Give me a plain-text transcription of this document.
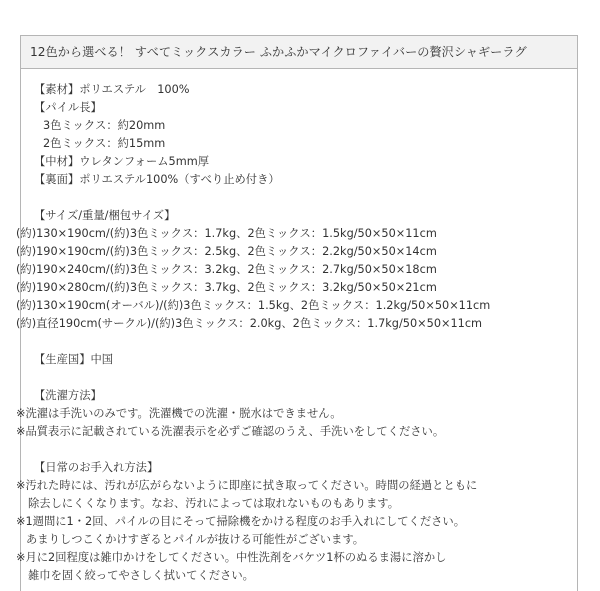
12色から選べる！ すべてミックスカラー ふかふかマイクロファイバーの贅沢シャギーラグ
【素材】ポリエステル　100%
【パイル長】
3色ミックス：約20mm
2色ミックス：約15mm
【中材】ウレタンフォーム5mm厚
【裏面】ポリエステル100%（すべり止め付き）
【サイズ/重量/梱包サイズ】
(約)130×190cm/(約)3色ミックス：1.7kg、2色ミックス：1.5kg/50×50×11cm
(約)190×190cm/(約)3色ミックス：2.5kg、2色ミックス：2.2kg/50×50×14cm
(約)190×240cm/(約)3色ミックス：3.2kg、2色ミックス：2.7kg/50×50×18cm
(約)190×280cm/(約)3色ミックス：3.7kg、2色ミックス：3.2kg/50×50×21cm
(約)130×190cm(オーバル)/(約)3色ミックス：1.5kg、2色ミックス：1.2kg/50×50×11cm
(約)直径190cm(サークル)/(約)3色ミックス：2.0kg、2色ミックス：1.7kg/50×50×11cm
【生産国】中国
【洗濯方法】
※洗濯は手洗いのみです。洗濯機での洗濯・脱水はできません。
※品質表示に記載されている洗濯表示を必ずご確認のうえ、手洗いをしてください。
【日常のお手入れ方法】
※汚れた時には、汚れが広がらないように即座に拭き取ってください。時間の経過とともに
除去しにくくなります。なお、汚れによっては取れないものもあります。
※1週間に1・2回、パイルの目にそって掃除機をかける程度のお手入れにしてください。
あまりしつこくかけすぎるとパイルが抜ける可能性がございます。
※月に2回程度は雑巾かけをしてください。中性洗剤をバケツ1杯のぬるま湯に溶かし
雑巾を固く絞ってやさしく拭いてください。
